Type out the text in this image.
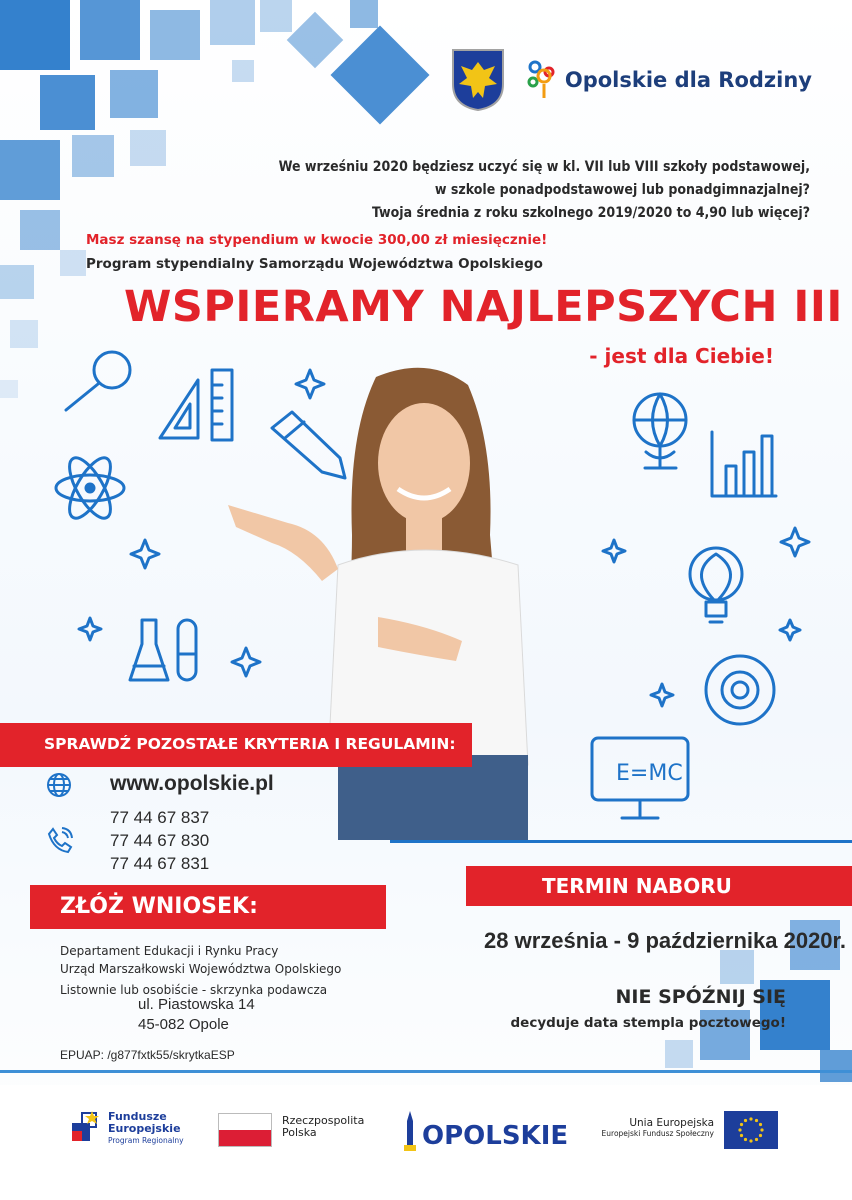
Opolskie dla Rodziny
We wrześniu 2020 będziesz uczyć się w kl. VII lub VIII szkoły podstawowej,
w szkole ponadpodstawowej lub ponadgimnazjalnej?
Twoja średnia z roku szkolnego 2019/2020 to 4,90 lub więcej?
Masz szansę na stypendium w kwocie 300,00 zł miesięcznie!
Program stypendialny Samorządu Województwa Opolskiego
WSPIERAMY NAJLEPSZYCH III
- jest dla Ciebie!
E=MC
SPRAWDŹ POZOSTAŁE KRYTERIA I REGULAMIN:
www.opolskie.pl
77 44 67 837
77 44 67 830
77 44 67 831
ZŁÓŻ WNIOSEK:
Departament Edukacji i Rynku Pracy
Urząd Marszałkowski Województwa Opolskiego
Listownie lub osobiście - skrzynka podawcza
ul. Piastowska 14
45-082 Opole
EPUAP: /g877fxtk55/skrytkaESP
TERMIN NABORU
28 września - 9 października 2020r.
NIE SPÓŹNIJ SIĘ
decyduje data stempla pocztowego!
Fundusze
Europejskie
Program Regionalny
Rzeczpospolita
Polska	OPOLSKIE	Unia Europejska
Europejski Fundusz Społeczny
